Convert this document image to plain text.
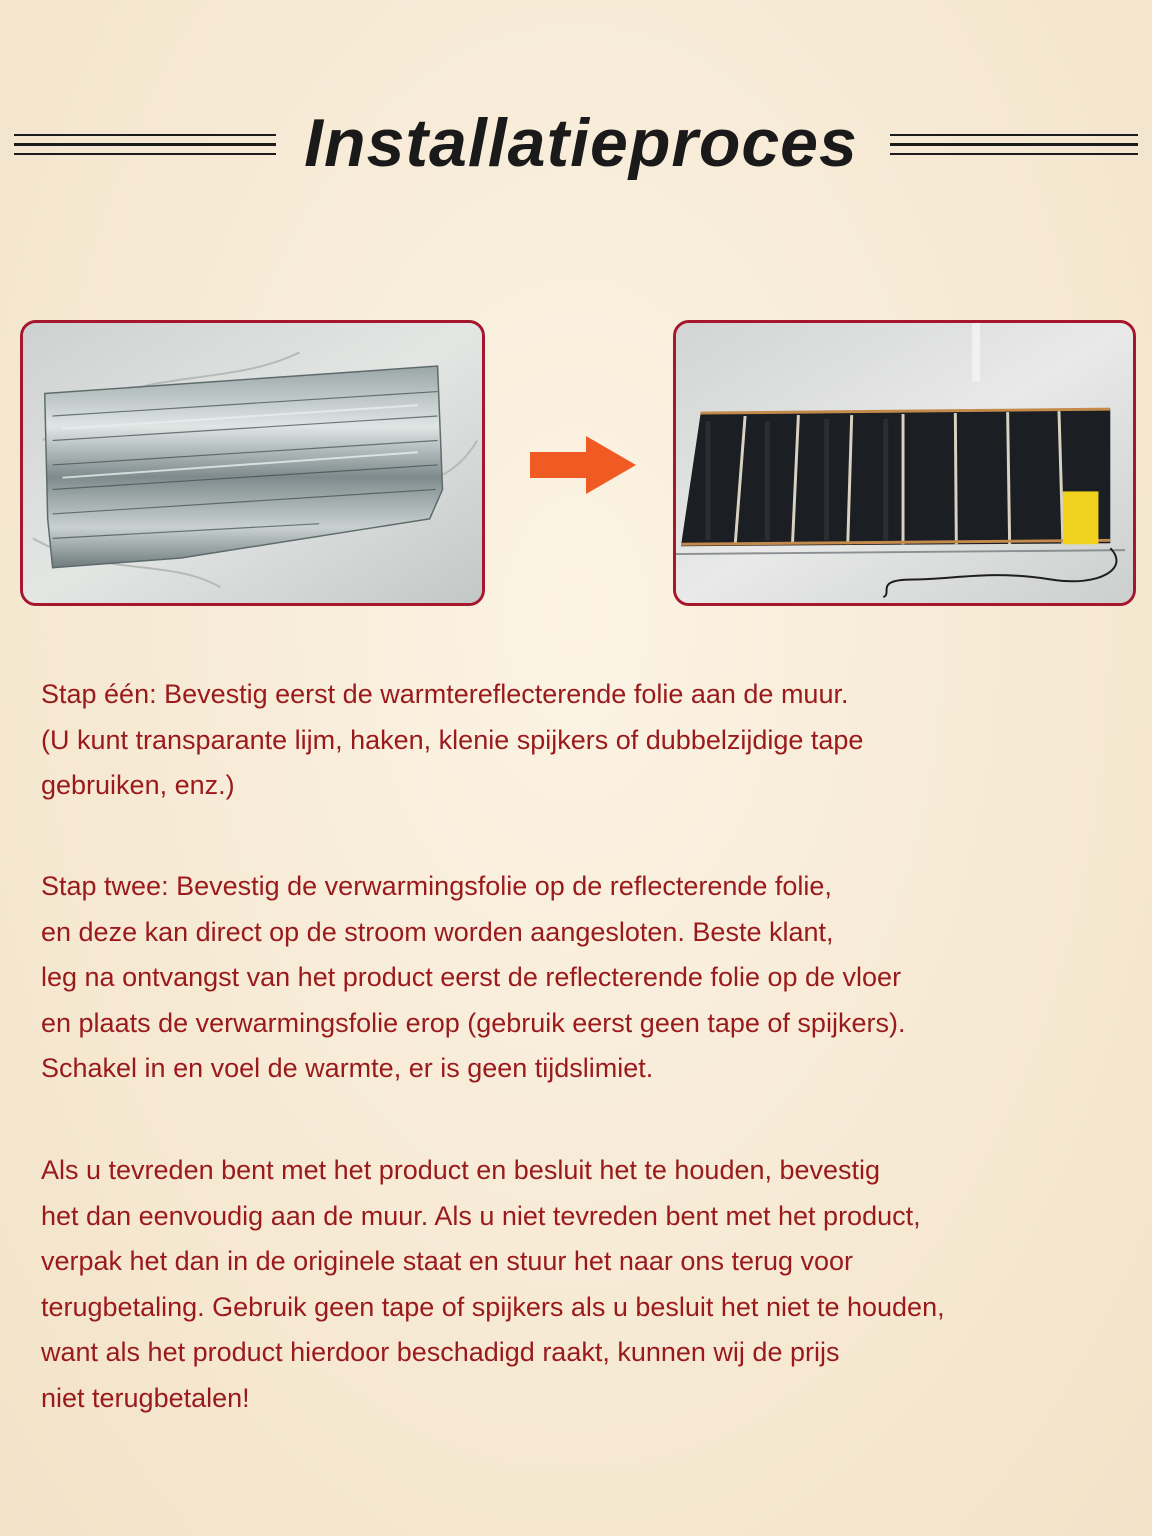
Installatieproces

Stap één: Bevestig eerst de warmtereflecterende folie aan de muur.
(U kunt transparante lijm, haken, klenie spijkers of dubbelzijdige tape
gebruiken, enz.)

Stap twee: Bevestig de verwarmingsfolie op de reflecterende folie,
en deze kan direct op de stroom worden aangesloten. Beste klant,
leg na ontvangst van het product eerst de reflecterende folie op de vloer
en plaats de verwarmingsfolie erop (gebruik eerst geen tape of spijkers).
Schakel in en voel de warmte, er is geen tijdslimiet.

Als u tevreden bent met het product en besluit het te houden, bevestig
het dan eenvoudig aan de muur. Als u niet tevreden bent met het product,
verpak het dan in de originele staat en stuur het naar ons terug voor
terugbetaling. Gebruik geen tape of spijkers als u besluit het niet te houden,
want als het product hierdoor beschadigd raakt, kunnen wij de prijs
niet terugbetalen!
